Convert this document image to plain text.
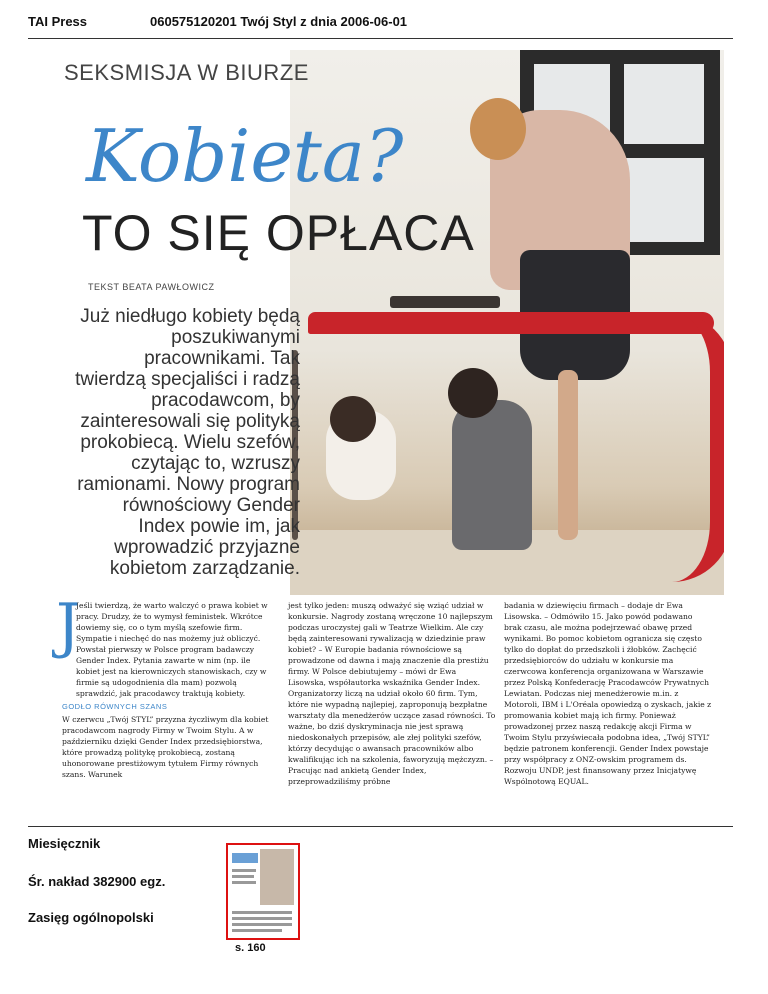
TAI Press	060575120201 Twój Styl z dnia 2006-06-01
SEKSMISJA W BIURZE
Kobieta?
TO SIĘ OPŁACA
TEKST BEATA PAWŁOWICZ
Już niedługo kobiety będą poszukiwanymi pracownikami. Tak twierdzą specjaliści i radzą pracodawcom, by zainteresowali się polityką prokobiecą. Wielu szefów, czytając to, wzruszy ramionami. Nowy program równościowy Gender Index powie im, jak wprowadzić przyjazne kobietom zarządzanie.
J

Jeśli twierdzą, że warto walczyć o prawa kobiet w pracy. Drudzy, że to wymysł feministek. Wkrótce dowiemy się, co o tym myślą szefowie firm. Sympatie i niechęć do nas możemy już obliczyć. Powstał pierwszy w Polsce program badawczy Gender Index. Pytania zawarte w nim (np. ile kobiet jest na kierowniczych stanowiskach, czy w firmie są udogodnienia dla mam) pozwolą sprawdzić, jak pracodawcy traktują kobiety.

GODŁO RÓWNYCH SZANS

W czerwcu „Twój STYL” przyzna życzliwym dla kobiet pracodawcom nagrody Firmy w Twoim Stylu. A w październiku dzięki Gender Index przedsiębiorstwa, które prowadzą politykę prokobiecą, zostaną uhonorowane prestiżowym tytułem Firmy równych szans. Warunek

jest tylko jeden: muszą odważyć się wziąć udział w konkursie. Nagrody zostaną wręczone 10 najlepszym podczas uroczystej gali w Teatrze Wielkim. Ale czy będą zainteresowani rywalizacją w dziedzinie praw kobiet? – W Europie badania równościowe są prowadzone od dawna i mają znaczenie dla prestiżu firmy. W Polsce debiutujemy – mówi dr Ewa Lisowska, współautorka wskaźnika Gender Index. Organizatorzy liczą na udział około 60 firm. Tym, które nie wypadną najlepiej, zaproponują bezpłatne warsztaty dla menedżerów uczące zasad równości. To ważne, bo dziś dyskryminacja nie jest sprawą niedoskonałych przepisów, ale złej polityki szefów, którzy decydując o awansach pracowników albo kwalifikując ich na szkolenia, faworyzują mężczyzn. – Pracując nad ankietą Gender Index, przeprowadziliśmy próbne

badania w dziewięciu firmach – dodaje dr Ewa Lisowska. – Odmówiło 15. Jako powód podawano brak czasu, ale można podejrzewać obawę przed wynikami. Bo pomoc kobietom ogranicza się często tylko do dopłat do przedszkoli i żłobków. Zachęcić przedsiębiorców do udziału w konkursie ma czerwcowa konferencja organizowana w Warszawie przez Polską Konfederację Pracodawców Prywatnych Lewiatan. Podczas niej menedżerowie m.in. z Motoroli, IBM i L'Oréala opowiedzą o zyskach, jakie z promowania kobiet mają ich firmy. Ponieważ prowadzonej przez naszą redakcję akcji Firma w Twoim Stylu przyświecała podobna idea, „Twój STYL” będzie patronem konferencji. Gender Index powstaje przy współpracy z ONZ-owskim programem ds. Rozwoju UNDP, jest finansowany przez Inicjatywę Wspólnotową EQUAL.

Miesięcznik
Śr. nakład 382900 egz.
Zasięg ogólnopolski
s. 160
